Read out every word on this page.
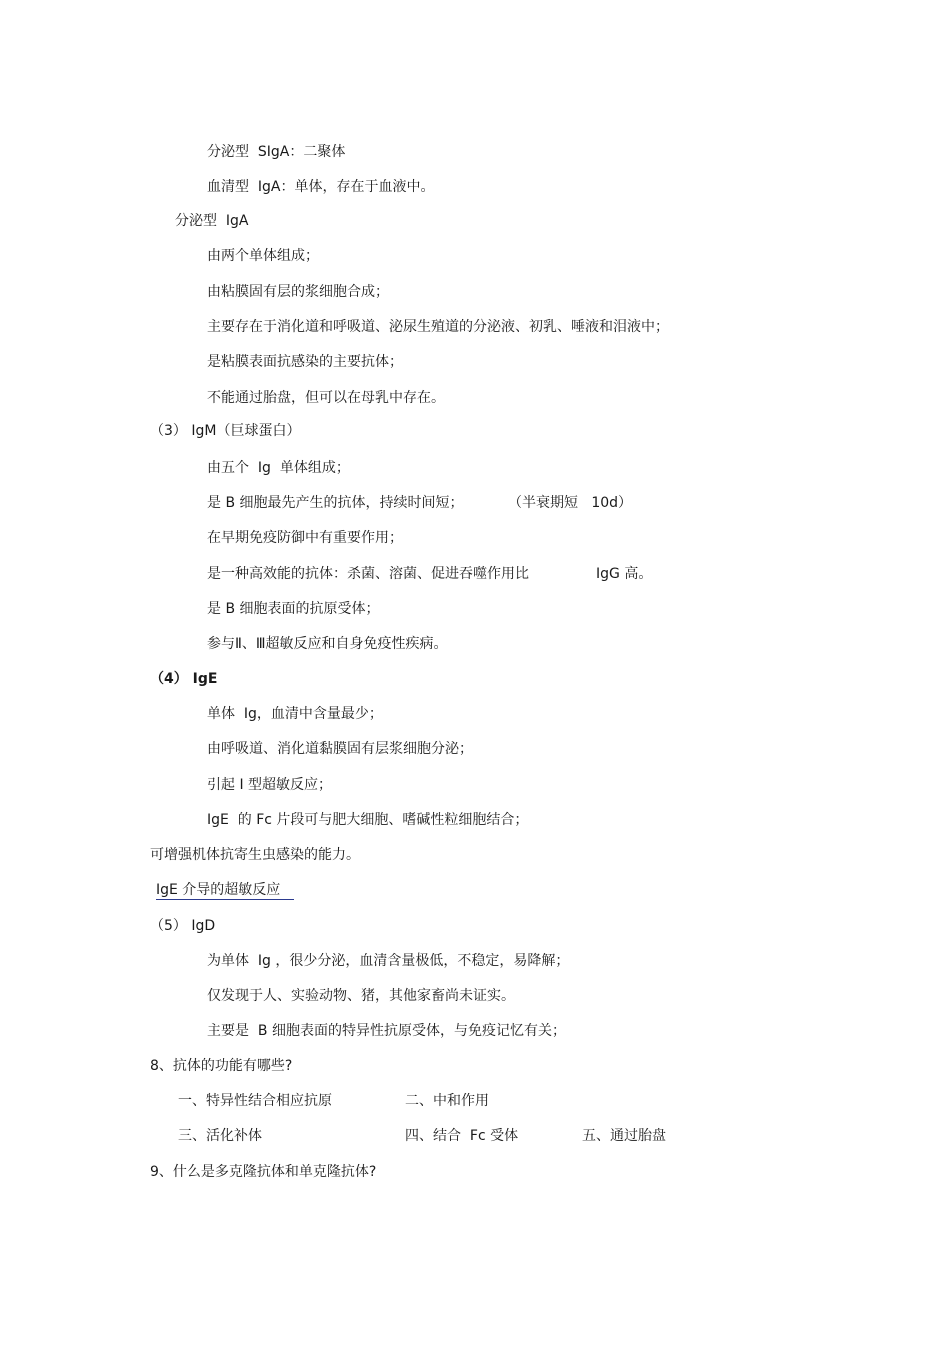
分泌型  SIgA：二聚体
血清型  IgA：单体，存在于血液中。
分泌型  IgA
由两个单体组成；
由粘膜固有层的浆细胞合成；
主要存在于消化道和呼吸道、泌尿生殖道的分泌液、初乳、唾液和泪液中；
是粘膜表面抗感染的主要抗体；
不能通过胎盘，但可以在母乳中存在。
（3） IgM（巨球蛋白）
由五个  Ig  单体组成；
是 B 细胞最先产生的抗体，持续时间短；	（半衰期短   10d）
在早期免疫防御中有重要作用；
是一种高效能的抗体：杀菌、溶菌、促进吞噬作用比	IgG 高。
是 B 细胞表面的抗原受体；
参与Ⅱ、Ⅲ超敏反应和自身免疫性疾病。
（4） IgE
单体  Ig，血清中含量最少；
由呼吸道、消化道黏膜固有层浆细胞分泌；
引起 I 型超敏反应；
IgE  的 Fc 片段可与肥大细胞、嗜碱性粒细胞结合；
可增强机体抗寄生虫感染的能力。
IgE 介导的超敏反应
（5） IgD
为单体  Ig ，很少分泌，血清含量极低，不稳定，易降解；
仅发现于人、实验动物、猪，其他家畜尚未证实。
主要是  B 细胞表面的特异性抗原受体，与免疫记忆有关；
8、抗体的功能有哪些?
一、特异性结合相应抗原	二、中和作用
三、活化补体	四、结合  Fc 受体	五、通过胎盘
9、什么是多克隆抗体和单克隆抗体?
